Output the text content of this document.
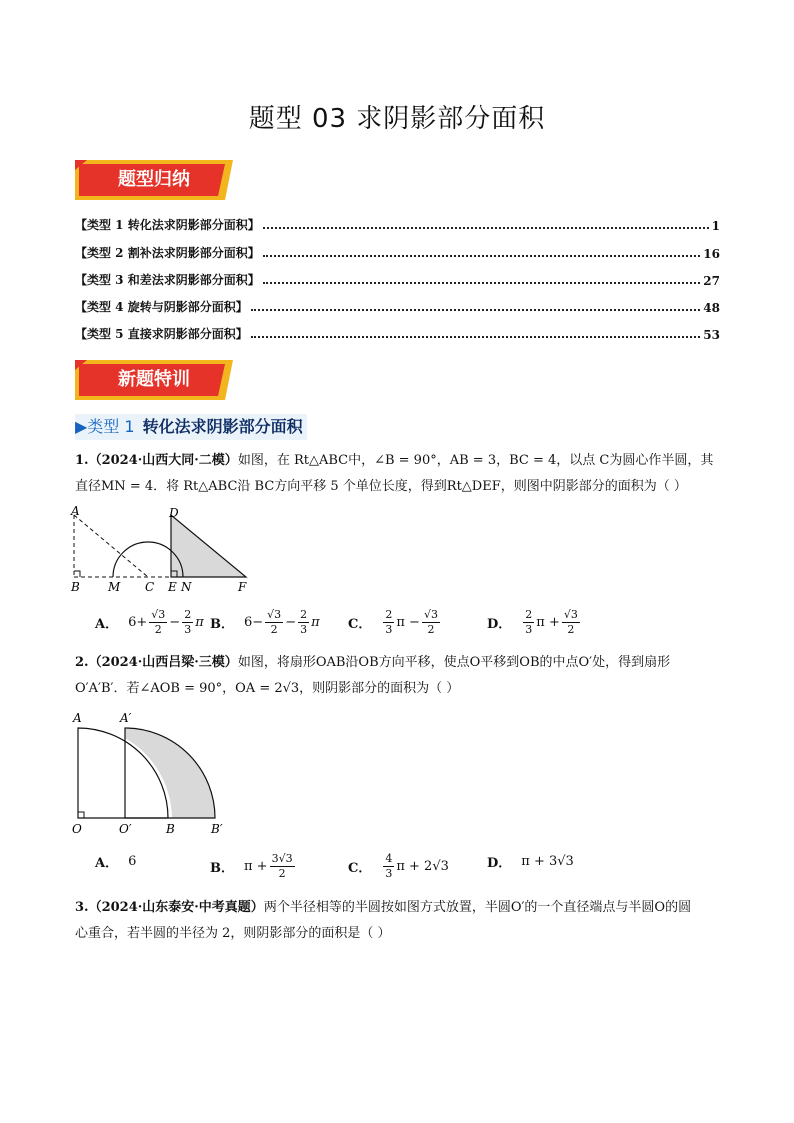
题型 03 求阴影部分面积
题型归纳
【类型 1 转化法求阴影部分面积】	1
【类型 2 割补法求阴影部分面积】	16
【类型 3 和差法求阴影部分面积】	27
【类型 4 旋转与阴影部分面积】	48
【类型 5 直接求阴影部分面积】	53
新题特训
▶类型 1 转化法求阴影部分面积
1.（2024·山西大同·二模）如图，在 Rt△ABC中，∠B = 90°，AB = 3，BC = 4，以点 C为圆心作半圆，其
直径MN = 4．将 Rt△ABC沿 BC方向平移 5 个单位长度，得到Rt△DEF，则图中阴影部分的面积为（ ）
A	D
B M C E N	F
A． $6+ \frac{√3}{2} - \frac{2}{3}$ π B． $6- \frac{√3}{2} - \frac{2}{3}$ π C． $\frac{2}{3}$ $\pi - \frac{√3}{2}$	D． $\frac{2}{3}$ $\pi + \frac{√3}{2}$
2.（2024·山西吕梁·三模）如图，将扇形OAB沿OB方向平移，使点O平移到OB的中点O′处，得到扇形
O′A′B′．若∠AOB = 90°，OA = 2√3，则阴影部分的面积为（ ）
A	A′
O	O′	B	B′
A． 6	B． $\pi + \frac{3√3}{2}$	C． $\frac{4}{3}$ π + 2√3	D． π + 3√3
3.（2024·山东泰安·中考真题）两个半径相等的半圆按如图方式放置，半圆O′的一个直径端点与半圆O的圆
心重合，若半圆的半径为 2，则阴影部分的面积是（ ）
